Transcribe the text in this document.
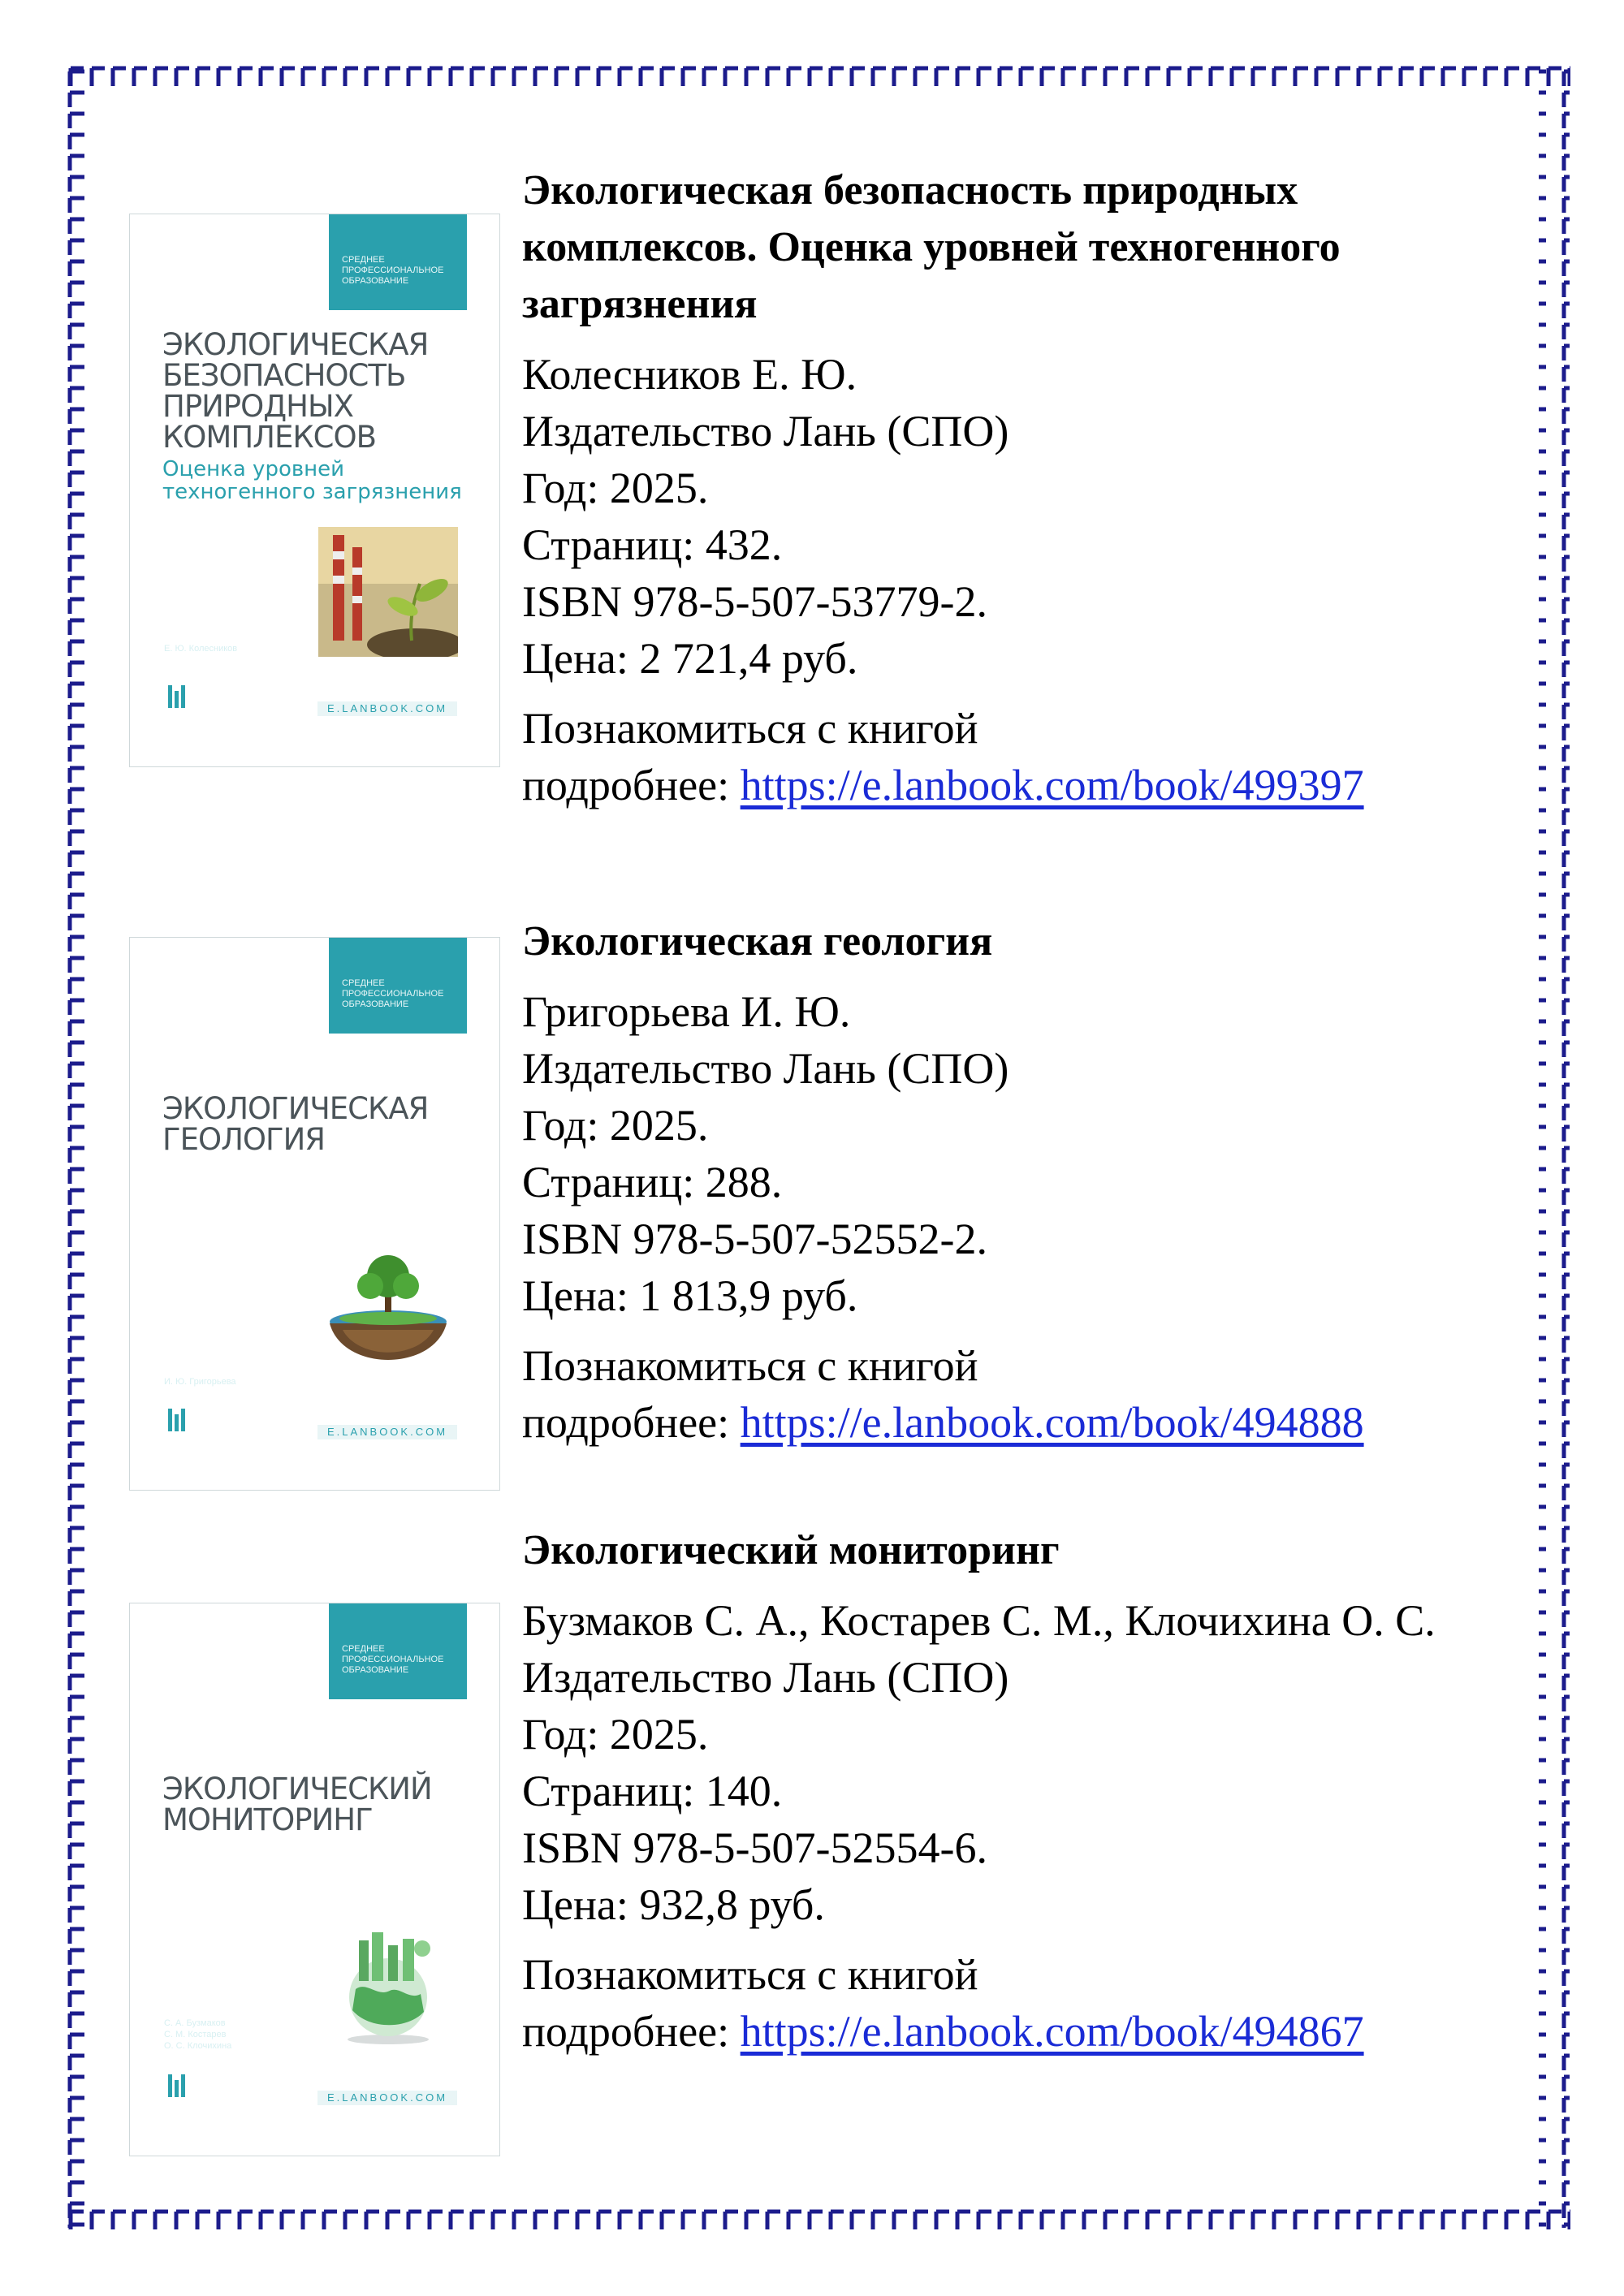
СРЕДНЕЕ ПРОФЕССИОНАЛЬНОЕ ОБРАЗОВАНИЕ
ЭКОЛОГИЧЕСКАЯ
БЕЗОПАСНОСТЬ
ПРИРОДНЫХ
КОМПЛЕКСОВ
Оценка уровней
техногенного загрязнения
Е. Ю. Колесников
E.LANBOOK.COM
Экологическая безопасность природных комплексов. Оценка уровней техногенного загрязнения
Колесников Е. Ю.
Издательство Лань (СПО)
Год: 2025.
Страниц: 432.
ISBN 978-5-507-53779-2.
Цена: 2 721,4 руб.
Познакомиться с книгой
подробнее: https://e.lanbook.com/book/499397
СРЕДНЕЕ ПРОФЕССИОНАЛЬНОЕ ОБРАЗОВАНИЕ
ЭКОЛОГИЧЕСКАЯ
ГЕОЛОГИЯ
И. Ю. Григорьева
E.LANBOOK.COM
Экологическая геология
Григорьева И. Ю.
Издательство Лань (СПО)
Год: 2025.
Страниц: 288.
ISBN 978-5-507-52552-2.
Цена: 1 813,9 руб.
Познакомиться с книгой
подробнее: https://e.lanbook.com/book/494888
СРЕДНЕЕ ПРОФЕССИОНАЛЬНОЕ ОБРАЗОВАНИЕ
ЭКОЛОГИЧЕСКИЙ
МОНИТОРИНГ
С. А. Бузмаков
С. М. Костарев
О. С. Клочихина
E.LANBOOK.COM
Экологический мониторинг
Бузмаков С. А., Костарев С. М., Клочихина О. С.
Издательство Лань (СПО)
Год: 2025.
Страниц: 140.
ISBN 978-5-507-52554-6.
Цена: 932,8 руб.
Познакомиться с книгой
подробнее: https://e.lanbook.com/book/494867
